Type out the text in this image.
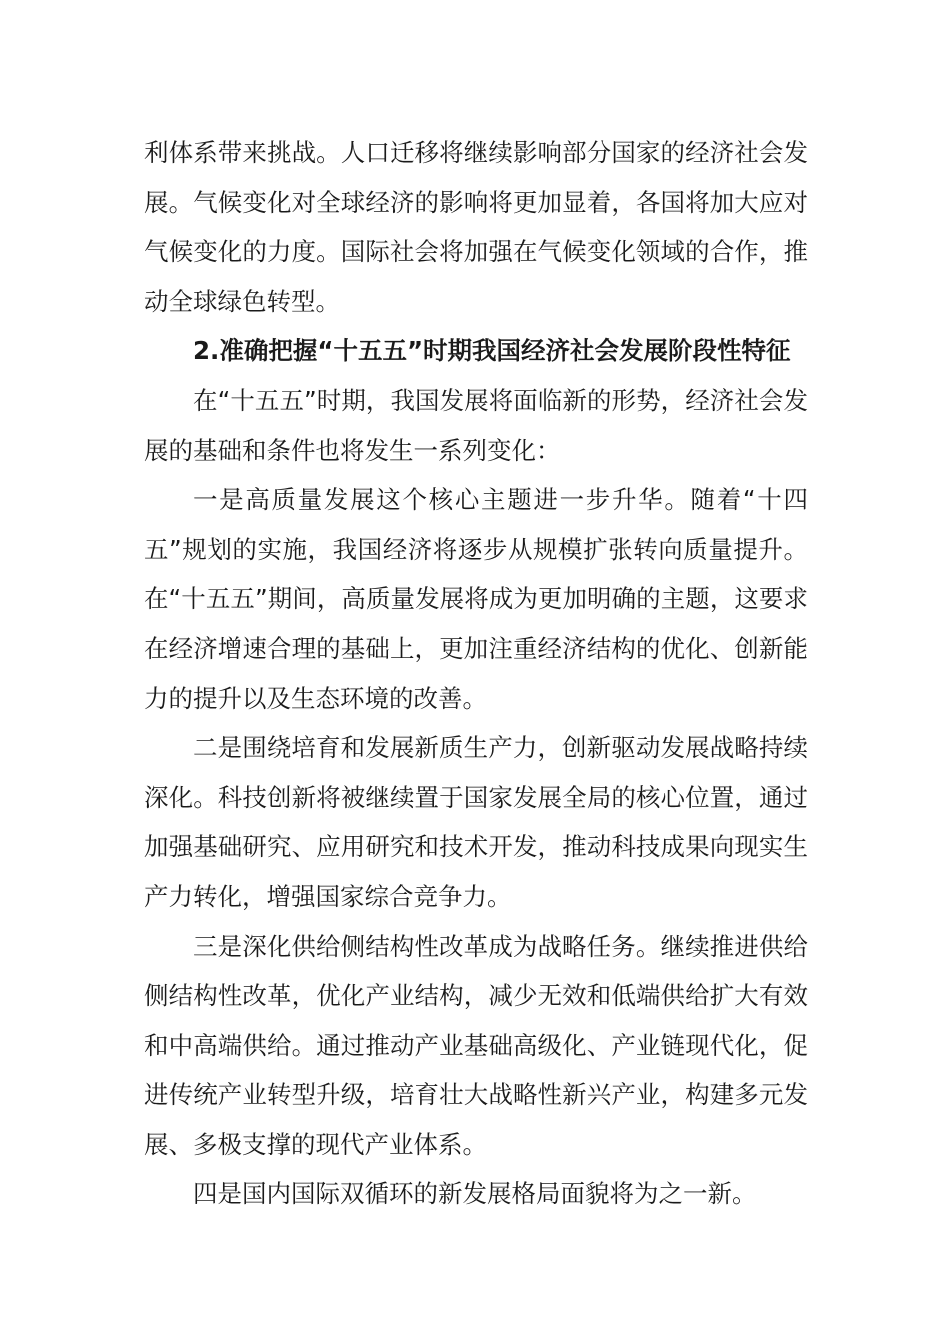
利体系带来挑战。人口迁移将继续影响部分国家的经济社会发展。气候变化对全球经济的影响将更加显着，各国将加大应对气候变化的力度。国际社会将加强在气候变化领域的合作，推动全球绿色转型。

2.准确把握“十五五”时期我国经济社会发展阶段性特征

在“十五五”时期，我国发展将面临新的形势，经济社会发展的基础和条件也将发生一系列变化：

一是高质量发展这个核心主题进一步升华。随着“十四五”规划的实施，我国经济将逐步从规模扩张转向质量提升。在“十五五”期间，高质量发展将成为更加明确的主题，这要求在经济增速合理的基础上，更加注重经济结构的优化、创新能力的提升以及生态环境的改善。

二是围绕培育和发展新质生产力，创新驱动发展战略持续深化。科技创新将被继续置于国家发展全局的核心位置，通过加强基础研究、应用研究和技术开发，推动科技成果向现实生产力转化，增强国家综合竞争力。

三是深化供给侧结构性改革成为战略任务。继续推进供给侧结构性改革，优化产业结构，减少无效和低端供给扩大有效和中高端供给。通过推动产业基础高级化、产业链现代化，促进传统产业转型升级，培育壮大战略性新兴产业，构建多元发展、多极支撑的现代产业体系。

四是国内国际双循环的新发展格局面貌将为之一新。
